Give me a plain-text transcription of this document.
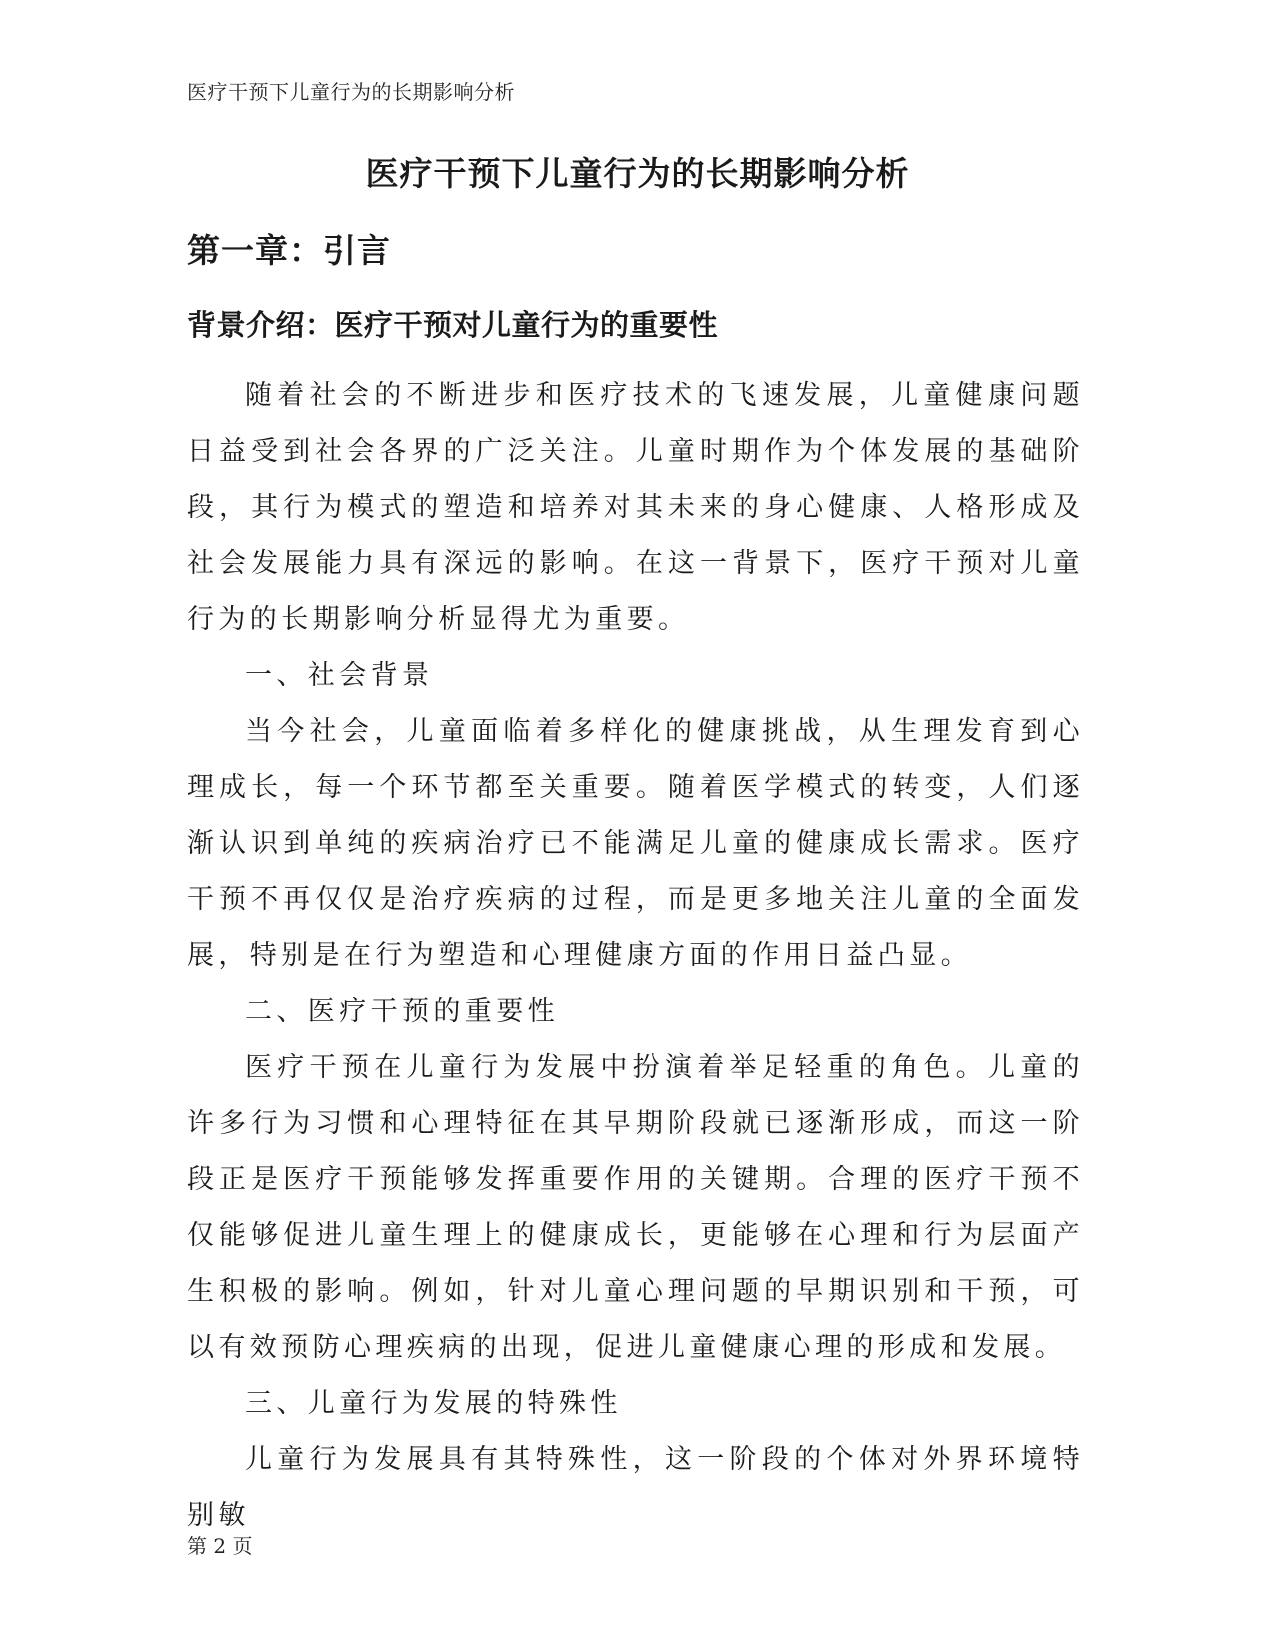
医疗干预下儿童行为的长期影响分析
医疗干预下儿童行为的长期影响分析
第一章：引言
背景介绍：医疗干预对儿童行为的重要性

随着社会的不断进步和医疗技术的飞速发展，儿童健康问题日益受到社会各界的广泛关注。儿童时期作为个体发展的基础阶段，其行为模式的塑造和培养对其未来的身心健康、人格形成及社会发展能力具有深远的影响。在这一背景下，医疗干预对儿童行为的长期影响分析显得尤为重要。

一、社会背景

当今社会，儿童面临着多样化的健康挑战，从生理发育到心理成长，每一个环节都至关重要。随着医学模式的转变，人们逐渐认识到单纯的疾病治疗已不能满足儿童的健康成长需求。医疗干预不再仅仅是治疗疾病的过程，而是更多地关注儿童的全面发展，特别是在行为塑造和心理健康方面的作用日益凸显。

二、医疗干预的重要性

医疗干预在儿童行为发展中扮演着举足轻重的角色。儿童的许多行为习惯和心理特征在其早期阶段就已逐渐形成，而这一阶段正是医疗干预能够发挥重要作用的关键期。合理的医疗干预不仅能够促进儿童生理上的健康成长，更能够在心理和行为层面产生积极的影响。例如，针对儿童心理问题的早期识别和干预，可以有效预防心理疾病的出现，促进儿童健康心理的形成和发展。

三、儿童行为发展的特殊性

儿童行为发展具有其特殊性，这一阶段的个体对外界环境特别敏

第 2 页
